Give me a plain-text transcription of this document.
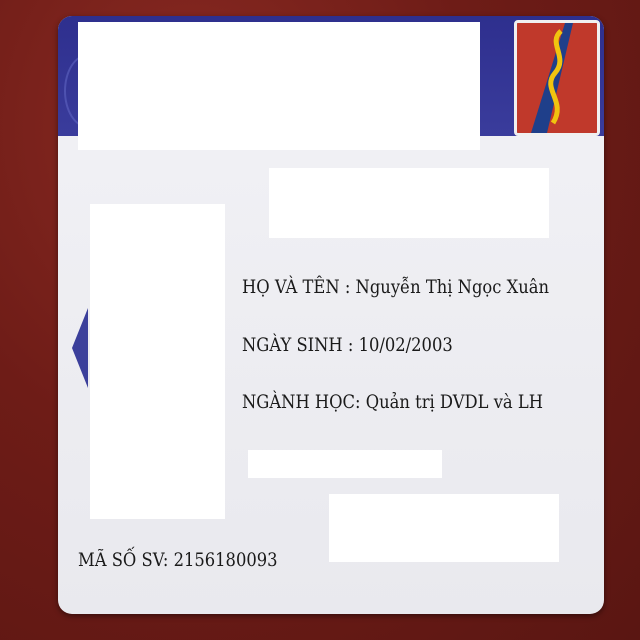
HỌ VÀ TÊN : Nguyễn Thị Ngọc Xuân
NGÀY SINH : 10/02/2003
NGÀNH HỌC: Quản trị DVDL và LH
MÃ SỐ SV: 2156180093
